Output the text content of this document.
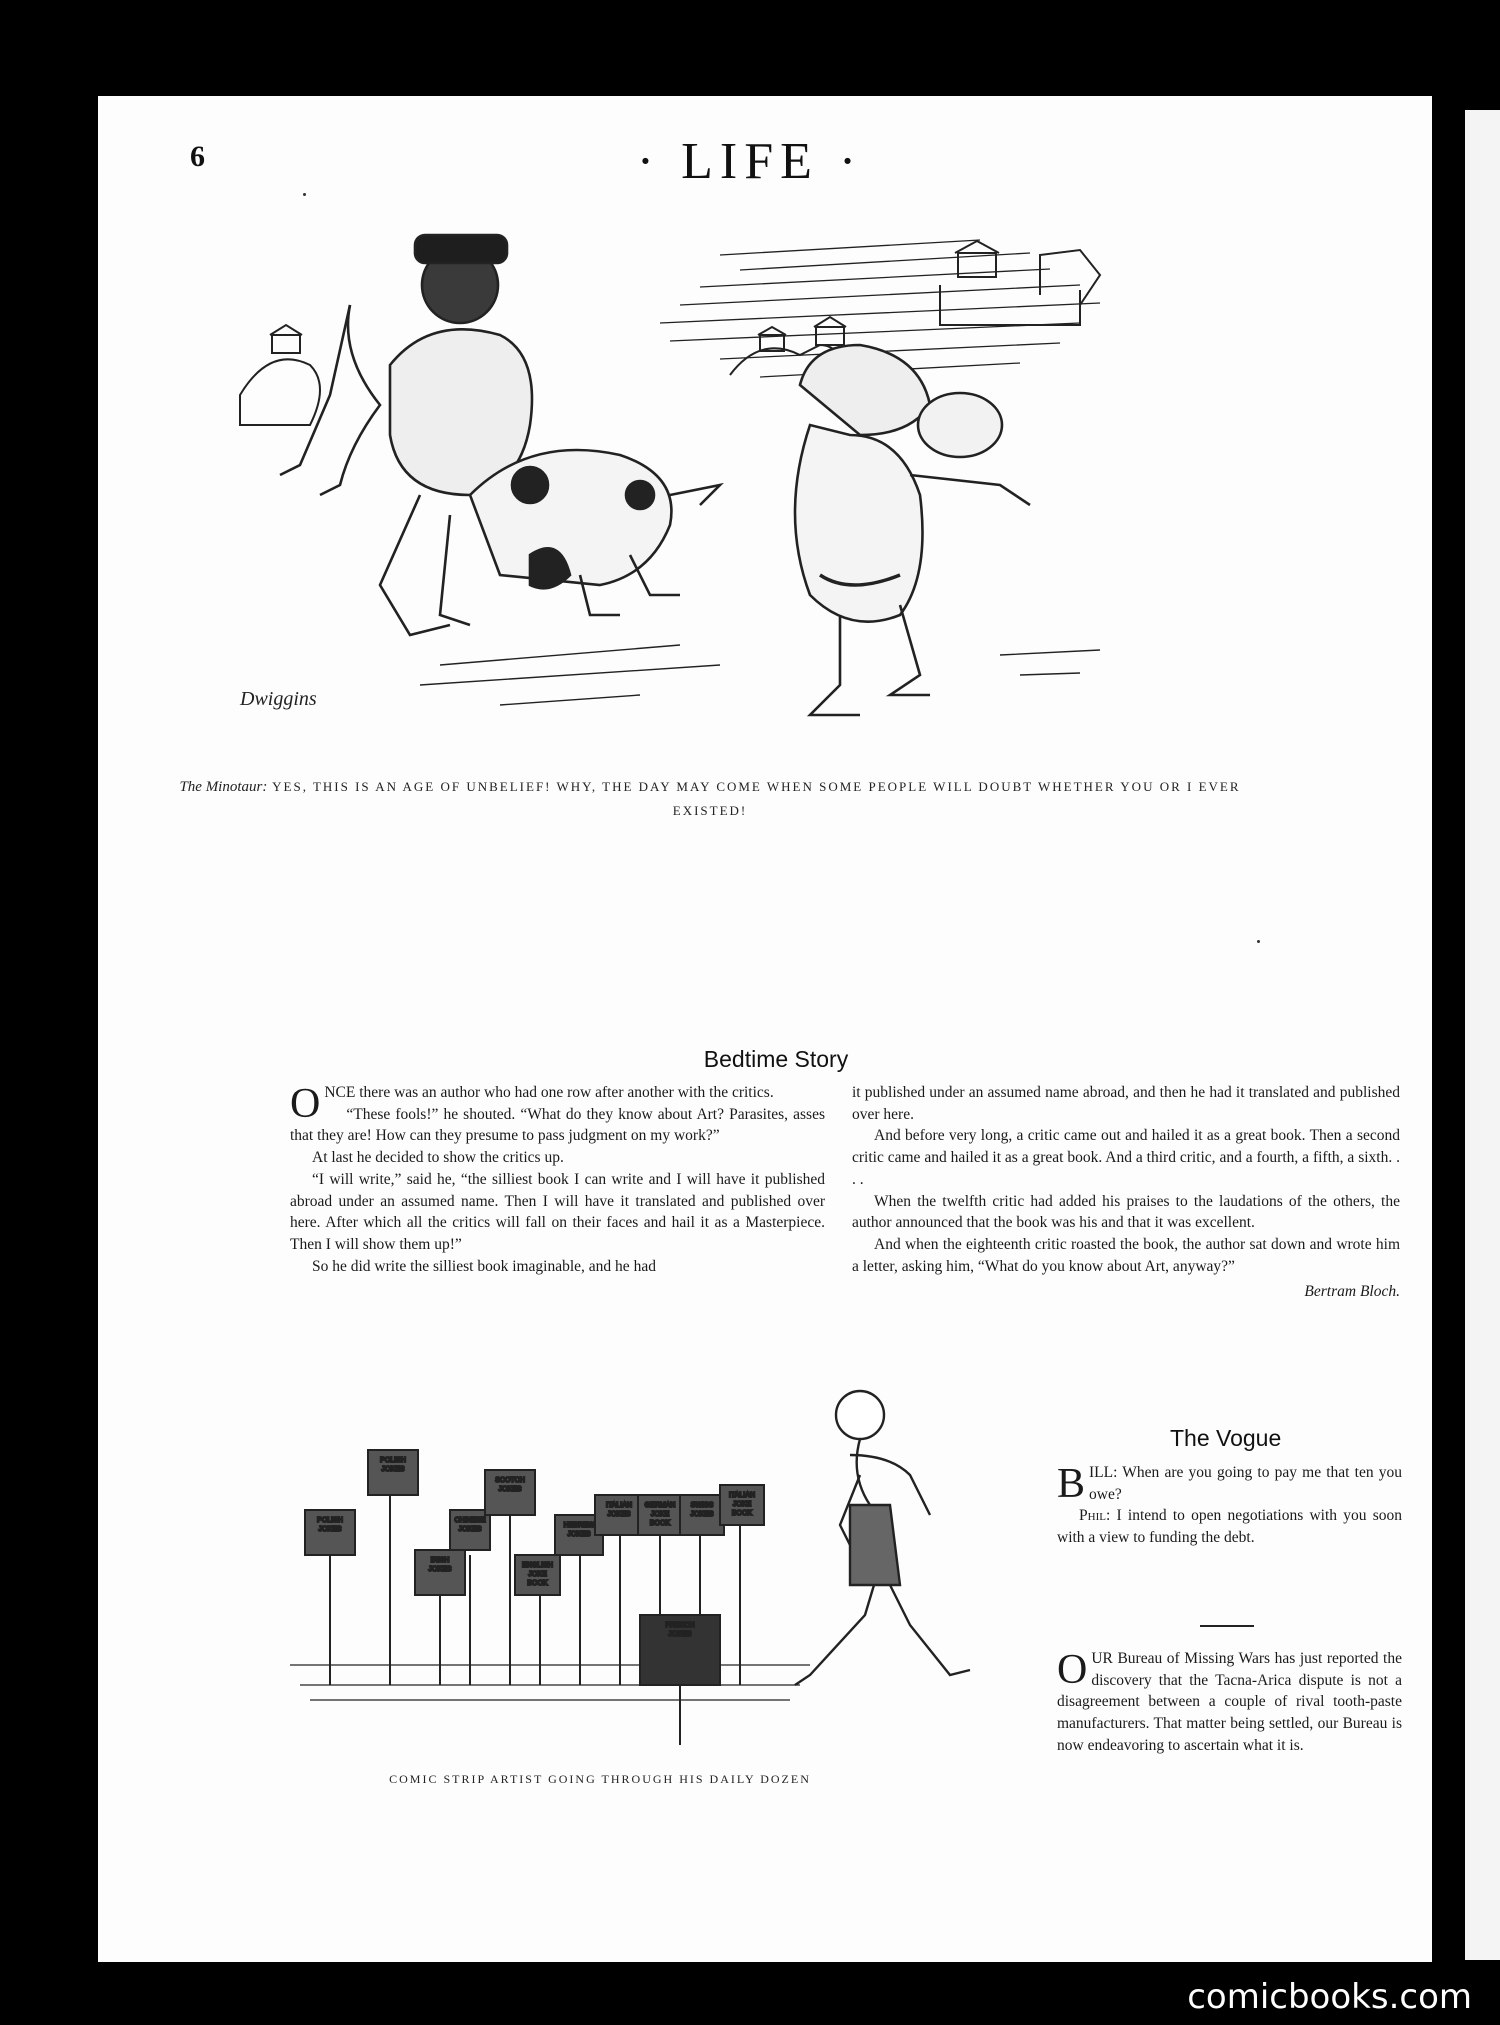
6	· LIFE ·
Dwiggins
The Minotaur: YES, THIS IS AN AGE OF UNBELIEF! WHY, THE DAY MAY COME WHEN SOME PEOPLE WILL DOUBT WHETHER YOU OR I EVER EXISTED!
Bedtime Story

ONCE there was an author who had one row after another with the critics.

“These fools!” he shouted. “What do they know about Art? Parasites, asses that they are! How can they presume to pass judgment on my work?”

At last he decided to show the critics up.

“I will write,” said he, “the silliest book I can write and I will have it published abroad under an assumed name. Then I will have it translated and published over here. After which all the critics will fall on their faces and hail it as a Masterpiece. Then I will show them up!”

So he did write the silliest book imaginable, and he had

it published under an assumed name abroad, and then he had it translated and published over here.

And before very long, a critic came out and hailed it as a great book. Then a second critic came and hailed it as a great book. And a third critic, and a fourth, a fifth, a sixth. . . .

When the twelfth critic had added his praises to the laudations of the others, the author announced that the book was his and that it was excellent.

And when the eighteenth critic roasted the book, the author sat down and wrote him a letter, asking him, “What do you know about Art, anyway?”

Bertram Bloch.
POLISH
JOKES
POLISH
JOKES
IRISH
JOKES
CHINESE
JOKES
SCOTCH
JOKES
ENGLISH
JOKE
BOOK
HEBREW
JOKES
ITALIAN
JOKES
GERMAN
JOKE
BOOK
SWISS
JOKES
ITALIAN
JOKE
BOOK
FRENCH
JOKES
COMIC STRIP ARTIST GOING THROUGH HIS DAILY DOZEN
The Vogue

BILL: When are you going to pay me that ten you owe?

Phil: I intend to open negotiations with you soon with a view to funding the debt.

OUR Bureau of Missing Wars has just reported the discovery that the Tacna-Arica dispute is not a disagreement between a couple of rival tooth-paste manufacturers. That matter being settled, our Bureau is now endeavoring to ascertain what it is.

comicbooks.com
